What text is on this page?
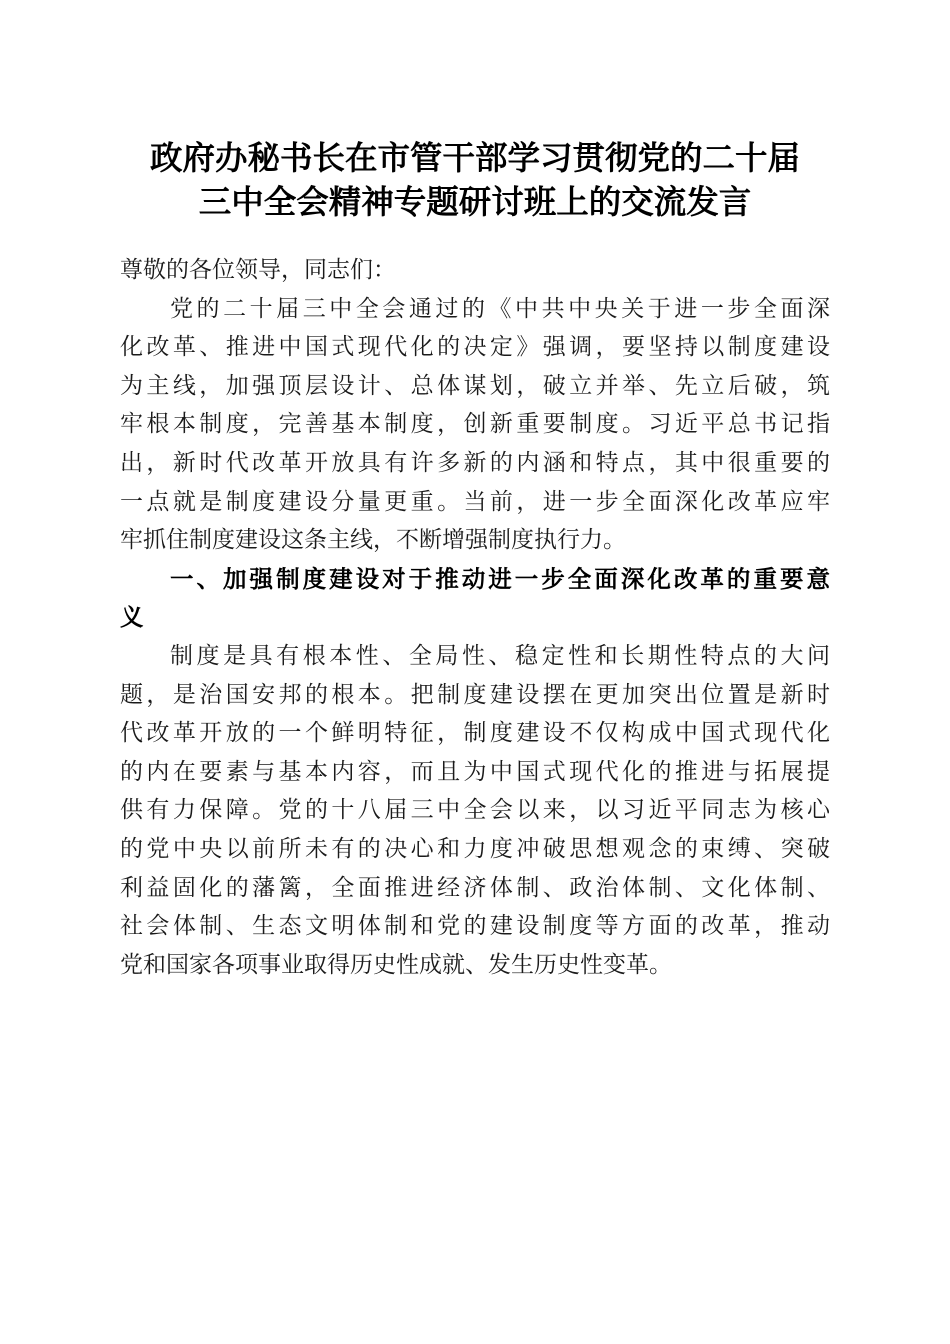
政府办秘书长在市管干部学习贯彻党的二十届
三中全会精神专题研讨班上的交流发言
尊敬的各位领导，同志们：
党的二十届三中全会通过的《中共中央关于进一步全面深
化改革、推进中国式现代化的决定》强调，要坚持以制度建设
为主线，加强顶层设计、总体谋划，破立并举、先立后破，筑
牢根本制度，完善基本制度，创新重要制度。习近平总书记指
出，新时代改革开放具有许多新的内涵和特点，其中很重要的
一点就是制度建设分量更重。当前，进一步全面深化改革应牢
牢抓住制度建设这条主线，不断增强制度执行力。
一、加强制度建设对于推动进一步全面深化改革的重要意
义
制度是具有根本性、全局性、稳定性和长期性特点的大问
题，是治国安邦的根本。把制度建设摆在更加突出位置是新时
代改革开放的一个鲜明特征，制度建设不仅构成中国式现代化
的内在要素与基本内容，而且为中国式现代化的推进与拓展提
供有力保障。党的十八届三中全会以来，以习近平同志为核心
的党中央以前所未有的决心和力度冲破思想观念的束缚、突破
利益固化的藩篱，全面推进经济体制、政治体制、文化体制、
社会体制、生态文明体制和党的建设制度等方面的改革，推动
党和国家各项事业取得历史性成就、发生历史性变革。
